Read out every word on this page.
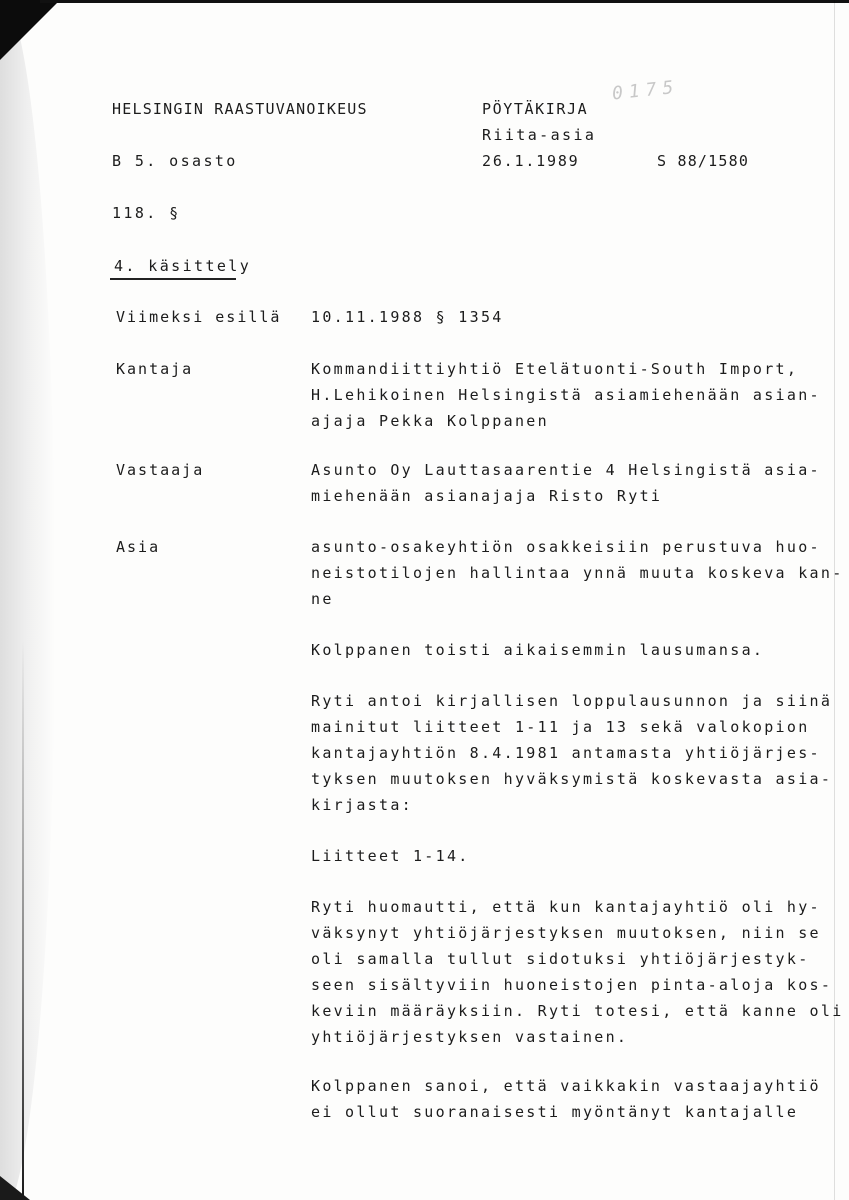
HELSINGIN RAASTUVANOIKEUS	PÖYTÄKIRJA
0175
Riita-asia
B 5. osasto	26.1.1989	S 88/1580
118. §
4. käsittely
Viimeksi esillä 10.11.1988 § 1354
Kantaja	Kommandiittiyhtiö Etelätuonti-South Import,
H.Lehikoinen Helsingistä asiamiehenään asian-
ajaja Pekka Kolppanen
Vastaaja	Asunto Oy Lauttasaarentie 4 Helsingistä asia-
miehenään asianajaja Risto Ryti
Asia	asunto-osakeyhtiön osakkeisiin perustuva huo-
neistotilojen hallintaa ynnä muuta koskeva kan-
ne
Kolppanen toisti aikaisemmin lausumansa.
Ryti antoi kirjallisen loppulausunnon ja siinä
mainitut liitteet 1-11 ja 13 sekä valokopion
kantajayhtiön 8.4.1981 antamasta yhtiöjärjes-
tyksen muutoksen hyväksymistä koskevasta asia-
kirjasta:
Liitteet 1-14.
Ryti huomautti, että kun kantajayhtiö oli hy-
väksynyt yhtiöjärjestyksen muutoksen, niin se
oli samalla tullut sidotuksi yhtiöjärjestyk-
seen sisältyviin huoneistojen pinta-aloja kos-
keviin määräyksiin. Ryti totesi, että kanne oli
yhtiöjärjestyksen vastainen.
Kolppanen sanoi, että vaikkakin vastaajayhtiö
ei ollut suoranaisesti myöntänyt kantajalle
